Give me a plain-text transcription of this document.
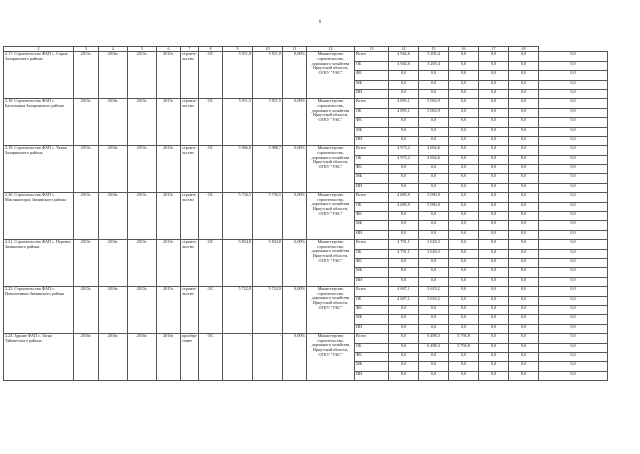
6
2	3	4	5	6	7	8	9	10	11	12	13	14	15	16	17	18	
2.17. Строительство ФАП с. Сорты Заларинского района	2015г.	2016г.	2015г.	2015г.	строительство	ОС	5 911,0	5 911,0	0,00%	Министерство строительства, дорожного хозяйства Иркутской области, ОГКУ "УКС"	Всего	4 944,6	3 205,4	0,0	0,0	0,0	0,0
											ОБ	4 944,6	3 205,4	0,0	0,0	0,0	0,0
											ФБ	0,0	0,0	0,0	0,0	0,0	0,0
											МБ	0,0	0,0	0,0	0,0	0,0	0,0
											ИИ	0,0	0,0	0,0	0,0	0,0	0,0
2.18. Строительство ФАП с. Баталхаина Заларинского района	2015г.	2016г.	2015г.	2015г.	строительство	ОС	5 911,5	5 911,5	0,00%	Министерство строительства, дорожного хозяйства Иркутской области, ОГКУ "УКС"	Всего	4 895,1	5 063,9	0,0	0,0	0,0	0,0
											ОБ	4 895,1	5 063,9	0,0	0,0	0,0	0,0
											ФБ	0,0	0,0	0,0	0,0	0,0	0,0
											МБ	0,0	0,0	0,0	0,0	0,0	0,0
											ИИ	0,0	0,0	0,0	0,0	0,0	0,0
2.19. Строительство ФАП с. Уятин Заларинского района	2015г.	2016г.	2015г.	2015г.	строительство	ОС	5 966,6	5 988,7	0,00%	Министерство строительства, дорожного хозяйства Иркутской области, ОГКУ "УКС"	Всего	4 973,2	4 654,6	0,0	0,0	0,0	0,0
											ОБ	4 973,2	4 654,6	0,0	0,0	0,0	0,0
											ФБ	0,0	0,0	0,0	0,0	0,0	0,0
											МБ	0,0	0,0	0,0	0,0	0,0	0,0
											ИИ	0,0	0,0	0,0	0,0	0,0	0,0
2.20. Строительство ФАП с. Мясляногорск Зиминского района	2015г.	2016г.	2015г.	2015г.	строительство	ОС	5 736,5	5 736,5	0,00%	Министерство строительства, дорожного хозяйства Иркутской области, ОГКУ "УКС"	Всего	4 685,9	5 090,0	0,0	0,0	0,0	0,0
											ОБ	4 685,9	5 090,0	0,0	0,0	0,0	0,0
											ФБ	0,0	0,0	0,0	0,0	0,0	0,0
											МБ	0,0	0,0	0,0	0,0	0,0	0,0
											ИИ	0,0	0,0	0,0	0,0	0,0	0,0
2.21. Строительство ФАП с. Перевоз Зиминского района	2015г.	2016г.	2015г.	2015г.	строительство	ОС	5 834,8	5 834,8	0,00%	Министерство строительства, дорожного хозяйства Иркутской области, ОГКУ "УКС"	Всего	4 791,1	3 618,3	0,0	0,0	0,0	0,0
											ОБ	4 791,1	3 618,3	0,0	0,0	0,0	0,0
											ФБ	0,0	0,0	0,0	0,0	0,0	0,0
											МБ	0,0	0,0	0,0	0,0	0,0	0,0
											ИИ	0,0	0,0	0,0	0,0	0,0	0,0
2.22. Строительство ФАП с. Новолетники Зиминского района	2015г.	2016г.	2015г.	2015г.	строительство	ОС	5 722,8	5 722,9	0,00%	Министерство строительства, дорожного хозяйства Иркутской области, ОГКУ "УКС"	Всего	4 687,1	3 619,2	0,0	0,0	0,0	0,0
											ОБ	4 687,1	3 619,2	0,0	0,0	0,0	0,0
											ФБ	0,0	0,0	0,0	0,0	0,0	0,0
											МБ	0,0	0,0	0,0	0,0	0,0	0,0
											ИИ	0,0	0,0	0,0	0,0	0,0	0,0
2.23. Здание ФАП с. Тагна Тайшетского района	2016г.	2016г.	2016г.	2016г.	приобретение	ОС	-	-	0,00%	Министерство строительства, дорожного хозяйства Иркутской области, ОГКУ "УКС"	Всего	0,0	6 498,3	5 794,8	0,0	0,0	0,0
											ОБ	0,0	6 498,3	5 794,8	0,0	0,0	0,0
											ФБ	0,0	0,0	0,0	0,0	0,0	0,0
											МБ	0,0	0,0	0,0	0,0	0,0	0,0
											ИИ	0,0	0,0	0,0	0,0	0,0	0,0
